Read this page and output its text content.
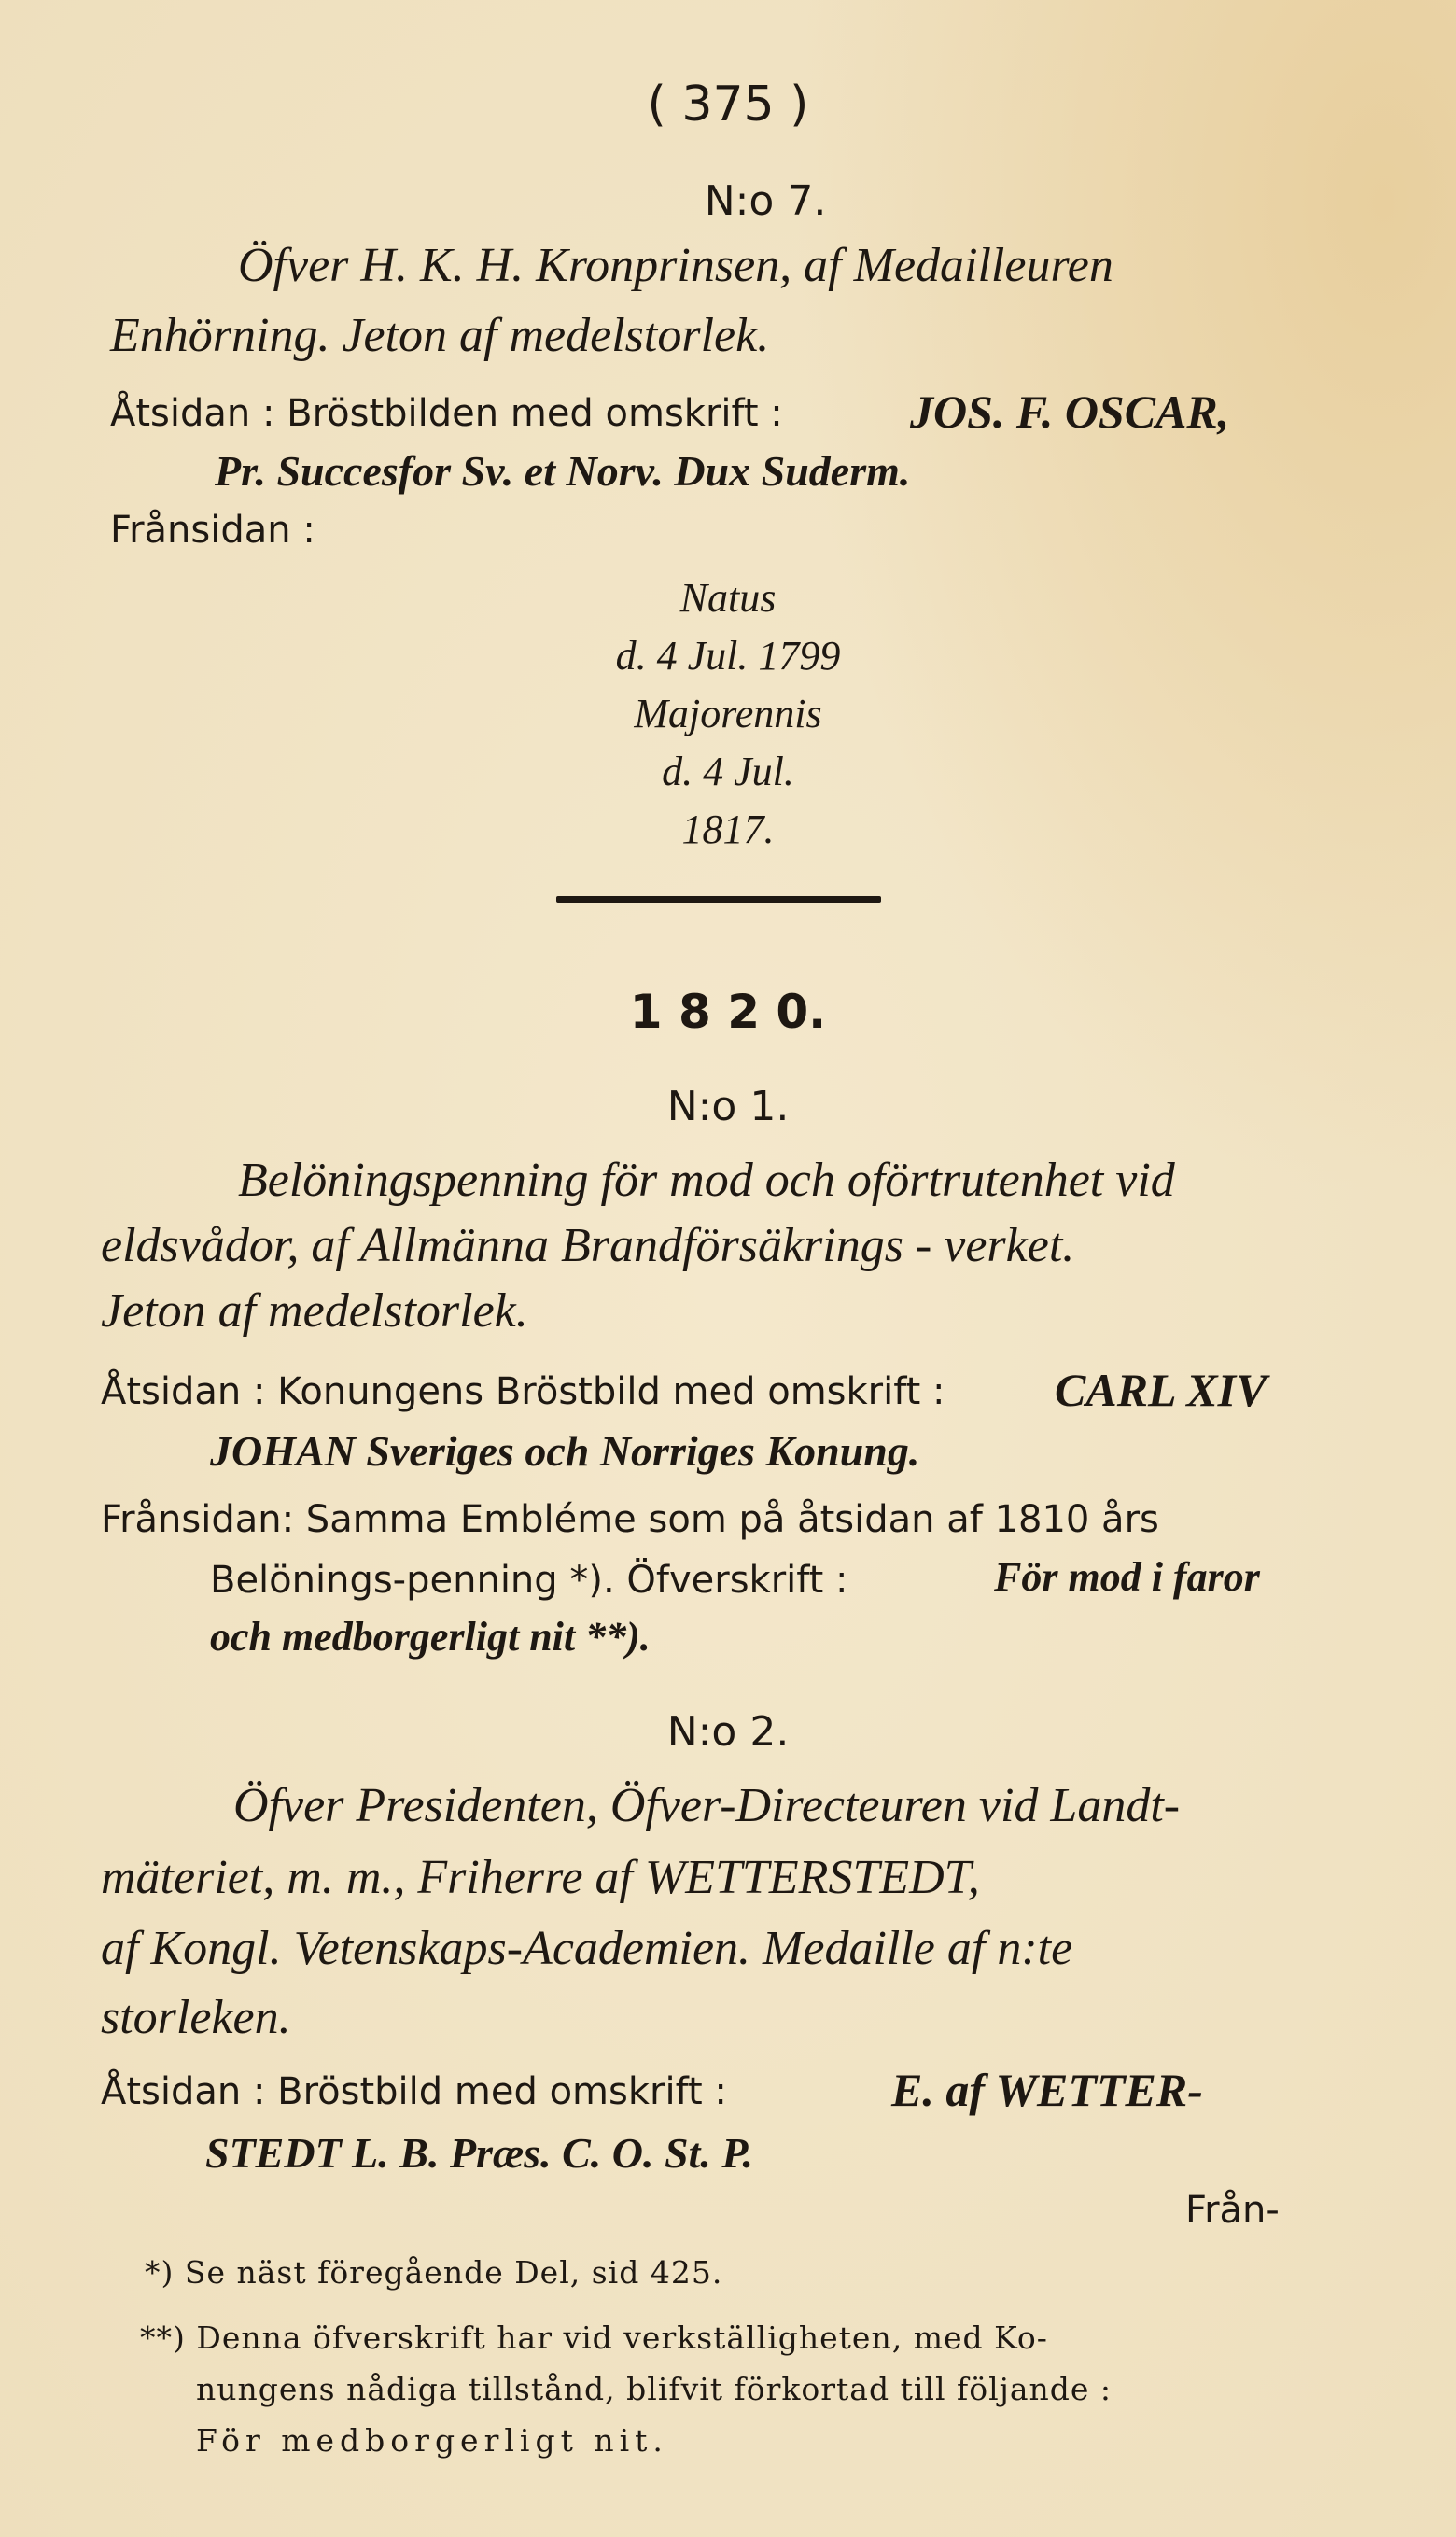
( 375 )
N:o 7.
Öfver H. K. H. Kronprinsen, af Medailleuren
Enhörning. Jeton af medelstorlek.
Åtsidan : Bröstbilden med omskrift :	JOS. F. OSCAR,
Pr. Succesfor Sv. et Norv. Dux Suderm.
Frånsidan :
Natus
d. 4 Jul. 1799
Majorennis
d. 4 Jul.
1817.
1 8 2 0.
N:o 1.
Belöningspenning för mod och oförtrutenhet vid
eldsvådor, af Allmänna Brandförsäkrings - verket.
Jeton af medelstorlek.
Åtsidan : Konungens Bröstbild med omskrift : CARL XIV
JOHAN Sveriges och Norriges Konung.
Frånsidan: Samma Embléme som på åtsidan af 1810 års
Belönings-penning *). Öfverskrift :	För mod i faror
och medborgerligt nit **).
N:o 2.
Öfver Presidenten, Öfver-Directeuren vid Landt-
mäteriet, m. m., Friherre af WETTERSTEDT,
af Kongl. Vetenskaps-Academien. Medaille af n:te
storleken.
Åtsidan : Bröstbild med omskrift :	E. af WETTER-
STEDT L. B. Præs. C. O. St. P.
Från-
*) Se näst föregående Del, sid 425.
**) Denna öfverskrift har vid verkställigheten, med Ko-
nungens nådiga tillstånd, blifvit förkortad till följande :
För medborgerligt nit.
